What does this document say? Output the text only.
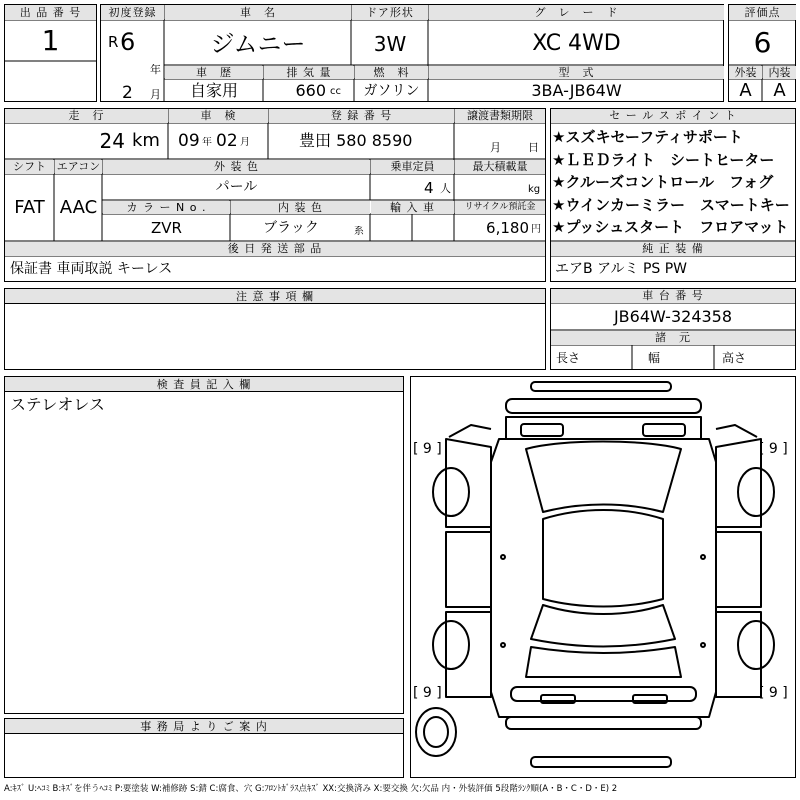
出 品 番 号
1
初度登録
R 6
年
2 月
車　名
ジムニー
ドア形状
3W
グ　レ　ー　ド
XC 4WD
評価点
6
車　歴
自家用
排 気 量
660 cc
燃　料
ガソリン
型　式
3BA-JB64W
外装	内装
A	A
走　行
24 km
車　検
09 年 02 月
登 録 番 号
豊田 580 8590
譲渡書類期限
月 日
シフト
FAT
エアコン
AAC
外 装 色
パール
乗車定員
4 人
最大積載量
kg
カ ラ ー N o .
ZVR
内 装 色
ブラック	系
輸 入 車	リサイクル預託金
6,180 円
後 日 発 送 部 品
保証書 車両取説 キーレス
セ ー ル ス ポ イ ン ト
★スズキセーフティサポート
★ＬＥＤライト　シートヒーター
★クルーズコントロール　フォグ
★ウインカーミラー　スマートキー
★プッシュスタート　フロアマット
純 正 装 備
エアB アルミ PS PW
注 意 事 項 欄	車 台 番 号
JB64W-324358
諸　元
長さ	幅	高さ
検 査 員 記 入 欄
ステレオレス
事 務 局 よ り ご 案 内
[ 9 ]	[ 9 ]
[ 9 ]	[ 9 ]
A:ｷｽﾞ U:ﾍｺﾐ B:ｷｽﾞを伴うﾍｺﾐ P:要塗装 W:補修跡 S:錆 C:腐食、穴 G:ﾌﾛﾝﾄｶﾞﾗｽ点ｷｽﾞ XX:交換済み X:要交換 欠:欠品 内・外装評価 5段階ﾗﾝｸ順(A・B・C・D・E) 2
